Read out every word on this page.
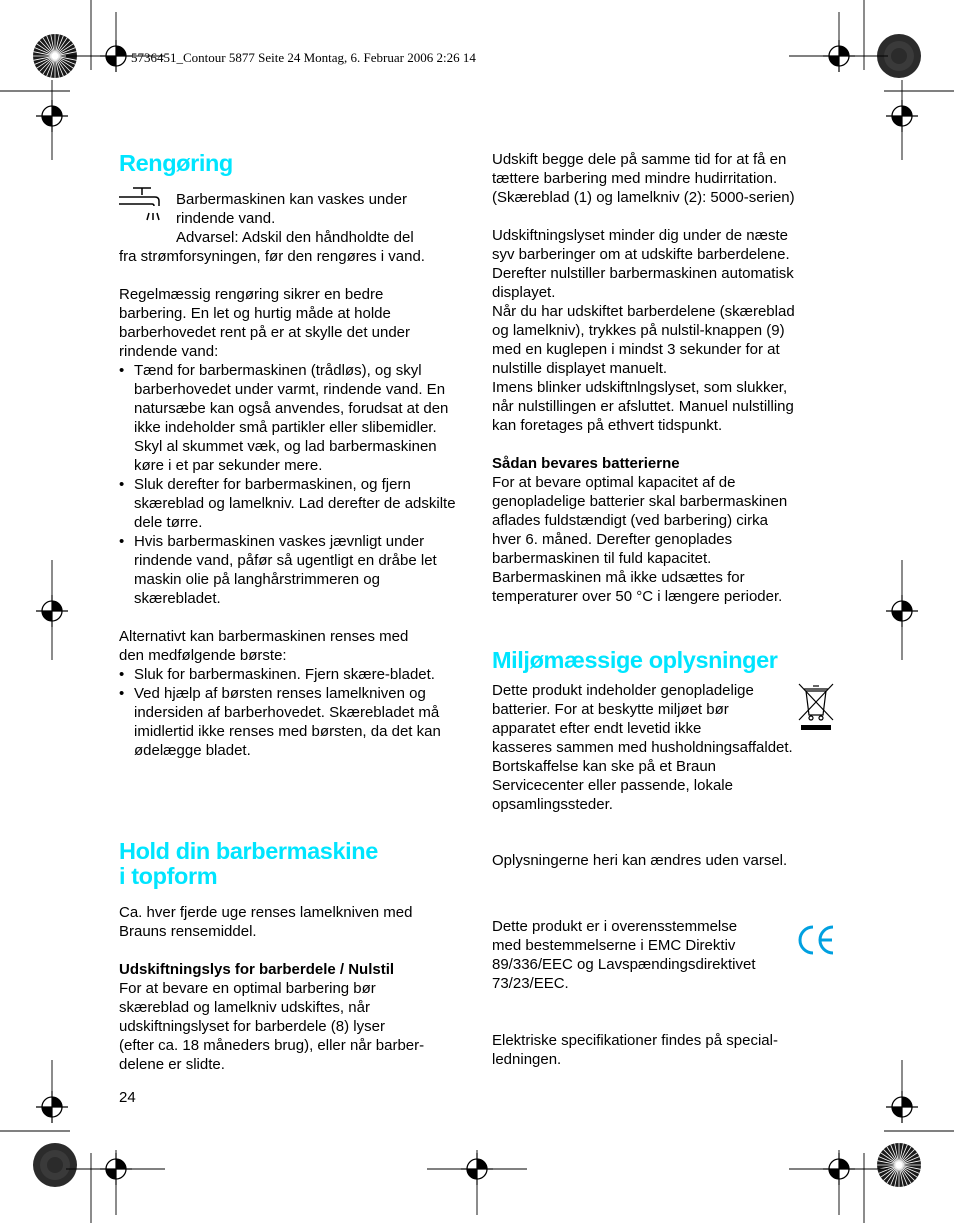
5736451_Contour 5877 Seite 24 Montag, 6. Februar 2006 2:26 14
Rengøring

Barbermaskinen kan vaskes under

rindende vand.

Advarsel: Adskil den håndholdte del

fra strømforsyningen, før den rengøres i vand.

Regelmæssig rengøring sikrer en bedre

barbering. En let og hurtig måde at holde

barberhovedet rent på er at skylle det under

rindende vand:

• Tænd for barbermaskinen (trådløs), og skyl barberhovedet under varmt, rindende vand. En natursæbe kan også anvendes, forudsat at den ikke indeholder små partikler eller slibemidler. Skyl al skummet væk, og lad barbermaskinen køre i et par sekunder mere.
• Sluk derefter for barbermaskinen, og fjern skæreblad og lamelkniv. Lad derefter de adskilte dele tørre.
• Hvis barbermaskinen vaskes jævnligt under rindende vand, påfør så ugentligt en dråbe let maskin olie på langhårstrimmeren og skærebladet.

Alternativt kan barbermaskinen renses med

den medfølgende børste:

• Sluk for barbermaskinen. Fjern skære-bladet.
• Ved hjælp af børsten renses lamelkniven og indersiden af barberhovedet. Skærebladet må imidlertid ikke renses med børsten, da det kan ødelægge bladet.
Hold din barbermaskine
i topform

Ca. hver fjerde uge renses lamelkniven med

Brauns rensemiddel.

Udskiftningslys for barberdele / Nulstil

For at bevare en optimal barbering bør

skæreblad og lamelkniv udskiftes, når

udskiftningslyset for barberdele (8) lyser

(efter ca. 18 måneders brug), eller når barber-

delene er slidte.

24

Udskift begge dele på samme tid for at få en

tættere barbering med mindre hudirritation.

(Skæreblad (1) og lamelkniv (2): 5000-serien)

Udskiftningslyset minder dig under de næste

syv barberinger om at udskifte barberdelene.

Derefter nulstiller barbermaskinen automatisk

displayet.

Når du har udskiftet barberdelene (skæreblad

og lamelkniv), trykkes på nulstil-knappen (9)

med en kuglepen i mindst 3 sekunder for at

nulstille displayet manuelt.

Imens blinker udskiftnlngslyset, som slukker,

når nulstillingen er afsluttet. Manuel nulstilling

kan foretages på ethvert tidspunkt.

Sådan bevares batterierne

For at bevare optimal kapacitet af de

genopladelige batterier skal barbermaskinen

aflades fuldstændigt (ved barbering) cirka

hver 6. måned. Derefter genoplades

barbermaskinen til fuld kapacitet.

Barbermaskinen må ikke udsættes for

temperaturer over 50 °C i længere perioder.

Miljømæssige oplysninger

Dette produkt indeholder genopladelige

batterier. For at beskytte miljøet bør

apparatet efter endt levetid ikke

kasseres sammen med husholdningsaffaldet.

Bortskaffelse kan ske på et Braun

Servicecenter eller passende, lokale

opsamlingssteder.

Oplysningerne heri kan ændres uden varsel.

Dette produkt er i overensstemmelse

med bestemmelserne i EMC Direktiv

89/336/EEC og Lavspændingsdirektivet

73/23/EEC.

Elektriske specifikationer findes på special-

ledningen.
